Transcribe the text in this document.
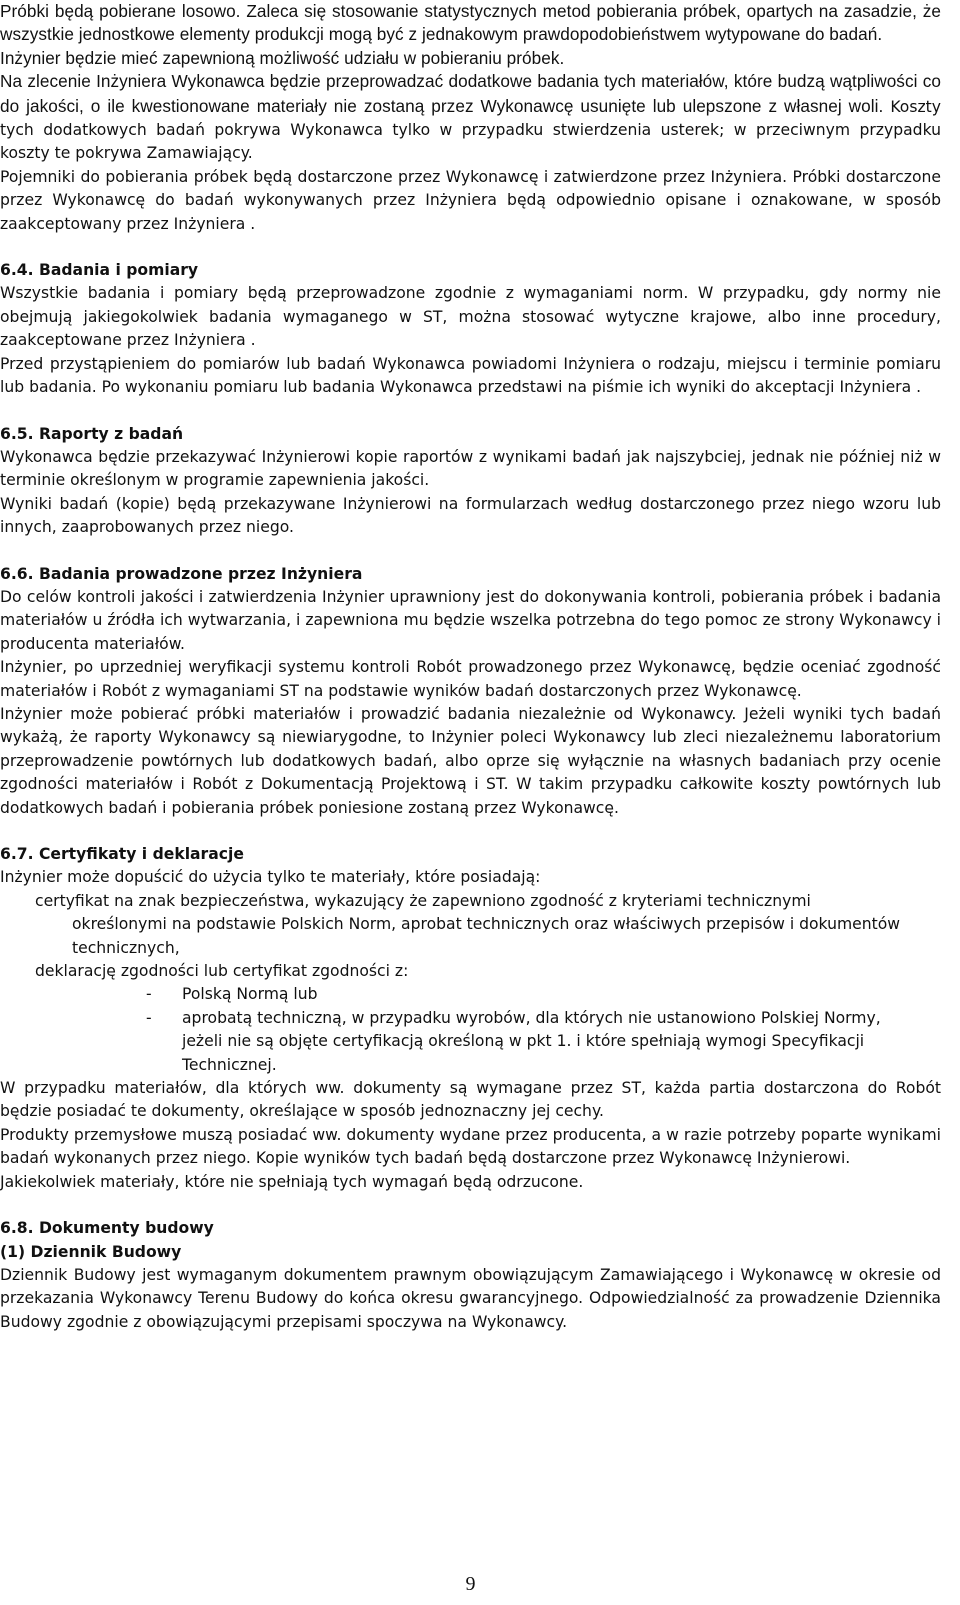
Próbki będą pobierane losowo. Zaleca się stosowanie statystycznych metod pobierania próbek, opartych na zasadzie, że wszystkie jednostkowe elementy produkcji mogą być z jednakowym prawdopodobieństwem wytypowane do badań.

Inżynier będzie mieć zapewnioną możliwość udziału w pobieraniu próbek.

Na zlecenie Inżyniera Wykonawca będzie przeprowadzać dodatkowe badania tych materiałów, które budzą wątpliwości co do jakości, o ile kwestionowane materiały nie zostaną przez Wykonawcę usunięte lub ulepszone z własnej woli. Koszty tych dodatkowych badań pokrywa Wykonawca tylko w przypadku stwierdzenia usterek; w przeciwnym przypadku koszty te pokrywa Zamawiający.

Pojemniki do pobierania próbek będą dostarczone przez Wykonawcę i zatwierdzone przez Inżyniera. Próbki dostarczone przez Wykonawcę do badań wykonywanych przez Inżyniera będą odpowiednio opisane i oznakowane, w sposób zaakceptowany przez Inżyniera .

6.4. Badania i pomiary

Wszystkie badania i pomiary będą przeprowadzone zgodnie z wymaganiami norm. W przypadku, gdy normy nie obejmują jakiegokolwiek badania wymaganego w ST, można stosować wytyczne krajowe, albo inne procedury, zaakceptowane przez Inżyniera .

Przed przystąpieniem do pomiarów lub badań Wykonawca powiadomi Inżyniera o rodzaju, miejscu i terminie pomiaru lub badania. Po wykonaniu pomiaru lub badania Wykonawca przedstawi na piśmie ich wyniki do akceptacji Inżyniera .

6.5. Raporty z badań

Wykonawca będzie przekazywać Inżynierowi kopie raportów z wynikami badań jak najszybciej, jednak nie później niż w terminie określonym w programie zapewnienia jakości.

Wyniki badań (kopie) będą przekazywane Inżynierowi na formularzach według dostarczonego przez niego wzoru lub innych, zaaprobowanych przez niego.

6.6. Badania prowadzone przez Inżyniera

Do celów kontroli jakości i zatwierdzenia Inżynier uprawniony jest do dokonywania kontroli, pobierania próbek i badania materiałów u źródła ich wytwarzania, i zapewniona mu będzie wszelka potrzebna do tego pomoc ze strony Wykonawcy i producenta materiałów.

Inżynier, po uprzedniej weryfikacji systemu kontroli Robót prowadzonego przez Wykonawcę, będzie oceniać zgodność materiałów i Robót z wymaganiami ST na podstawie wyników badań dostarczonych przez Wykonawcę.

Inżynier może pobierać próbki materiałów i prowadzić badania niezależnie od Wykonawcy. Jeżeli wyniki tych badań wykażą, że raporty Wykonawcy są niewiarygodne, to Inżynier poleci Wykonawcy lub zleci niezależnemu laboratorium przeprowadzenie powtórnych lub dodatkowych badań, albo oprze się wyłącznie na własnych badaniach przy ocenie zgodności materiałów i Robót z Dokumentacją Projektową i ST. W takim przypadku całkowite koszty powtórnych lub dodatkowych badań i pobierania próbek poniesione zostaną przez Wykonawcę.

6.7. Certyfikaty i deklaracje

Inżynier może dopuścić do użycia tylko te materiały, które posiadają:

certyfikat na znak bezpieczeństwa, wykazujący że zapewniono zgodność z kryteriami technicznymi
określonymi na podstawie Polskich Norm, aprobat technicznych oraz właściwych przepisów i dokumentów technicznych,

deklarację zgodności lub certyfikat zgodności z:

-	Polską Normą lub
-	aprobatą techniczną, w przypadku wyrobów, dla których nie ustanowiono Polskiej Normy, jeżeli nie są objęte certyfikacją określoną w pkt 1. i które spełniają wymogi Specyfikacji Technicznej.

W przypadku materiałów, dla których ww. dokumenty są wymagane przez ST, każda partia dostarczona do Robót będzie posiadać te dokumenty, określające w sposób jednoznaczny jej cechy.

Produkty przemysłowe muszą posiadać ww. dokumenty wydane przez producenta, a w razie potrzeby poparte wynikami badań wykonanych przez niego. Kopie wyników tych badań będą dostarczone przez Wykonawcę Inżynierowi.

Jakiekolwiek materiały, które nie spełniają tych wymagań będą odrzucone.

6.8. Dokumenty budowy
(1) Dziennik Budowy

Dziennik Budowy jest wymaganym dokumentem prawnym obowiązującym Zamawiającego i Wykonawcę w okresie od przekazania Wykonawcy Terenu Budowy do końca okresu gwarancyjnego. Odpowiedzialność za prowadzenie Dziennika Budowy zgodnie z obowiązującymi przepisami spoczywa na Wykonawcy.

9
